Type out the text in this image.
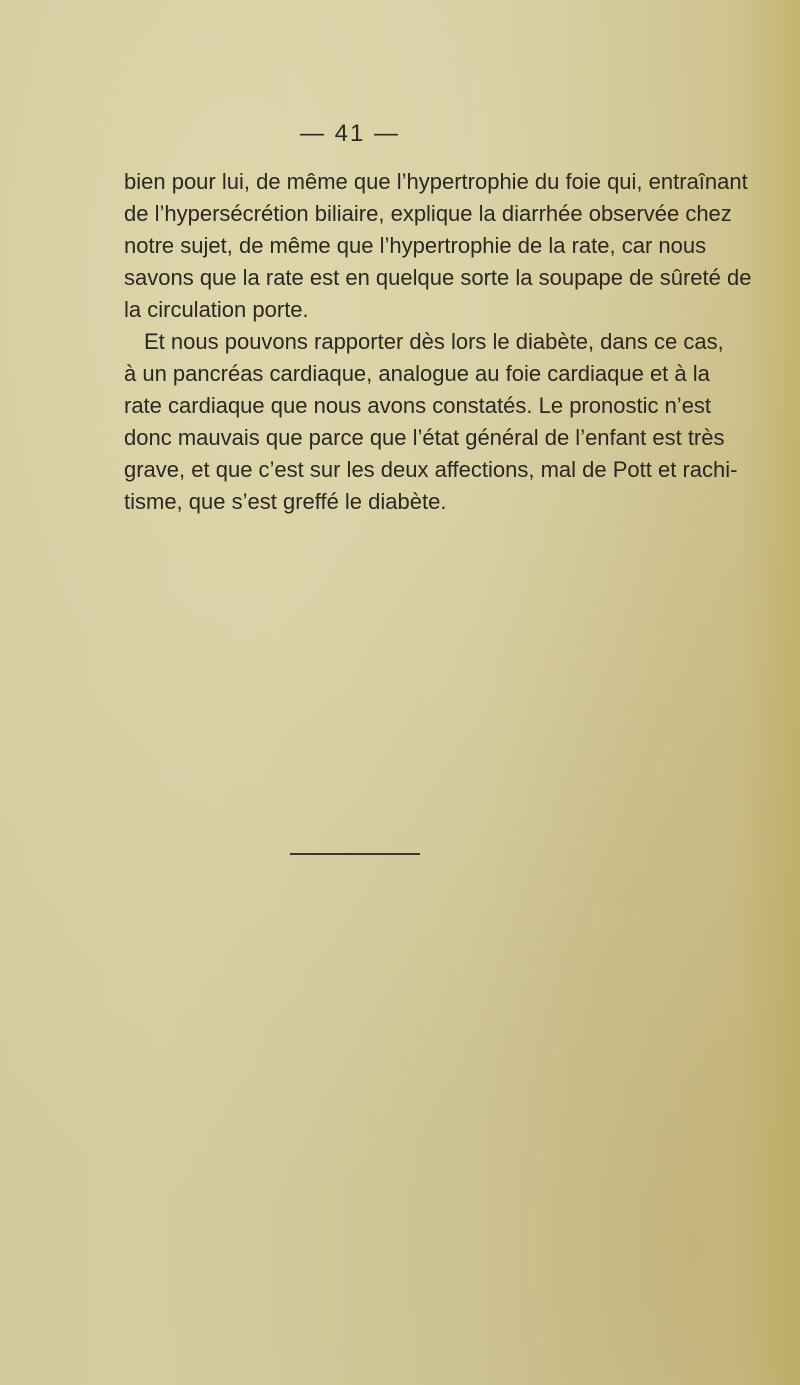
— 41 —
bien pour lui, de même que l’hypertrophie du foie qui, entraînant
de l’hypersécrétion biliaire, explique la diarrhée observée chez
notre sujet, de même que l’hypertrophie de la rate, car nous
savons que la rate est en quelque sorte la soupape de sûreté de
la circulation porte.
Et nous pouvons rapporter dès lors le diabète, dans ce cas,
à un pancréas cardiaque, analogue au foie cardiaque et à la
rate cardiaque que nous avons constatés. Le pronostic n’est
donc mauvais que parce que l’état général de l’enfant est très
grave, et que c’est sur les deux affections, mal de Pott et rachi-
tisme, que s’est greffé le diabète.
